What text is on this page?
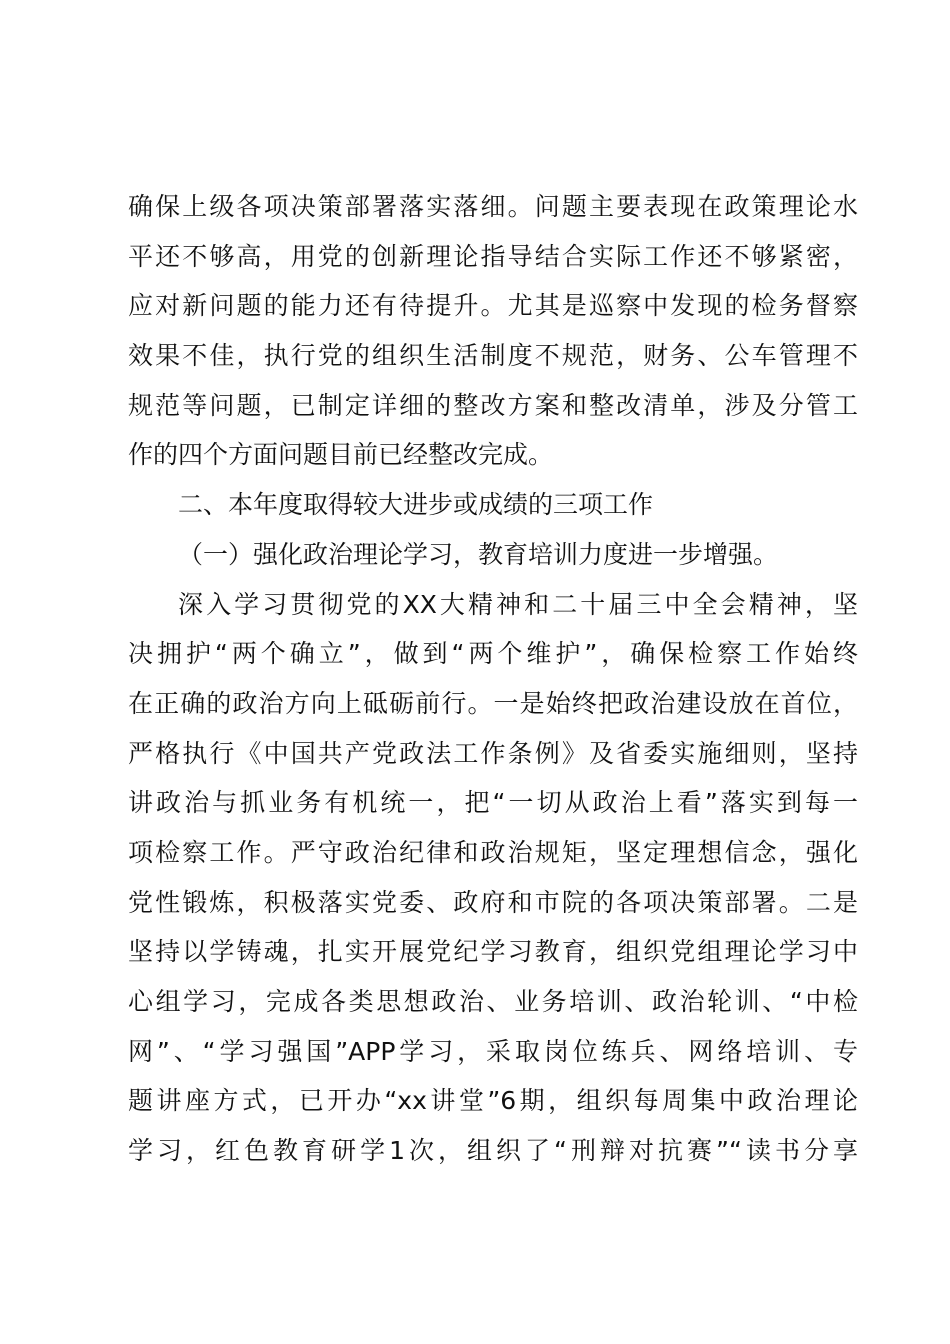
确保上级各项决策部署落实落细。问题主要表现在政策理论水
平还不够高，用党的创新理论指导结合实际工作还不够紧密，
应对新问题的能力还有待提升。尤其是巡察中发现的检务督察
效果不佳，执行党的组织生活制度不规范，财务、公车管理不
规范等问题，已制定详细的整改方案和整改清单，涉及分管工
作的四个方面问题目前已经整改完成。
二、本年度取得较大进步或成绩的三项工作
（一）强化政治理论学习，教育培训力度进一步增强。
深入学习贯彻党的XX大精神和二十届三中全会精神，坚
决拥护“两个确立”，做到“两个维护”，确保检察工作始终
在正确的政治方向上砥砺前行。一是始终把政治建设放在首位，
严格执行《中国共产党政法工作条例》及省委实施细则，坚持
讲政治与抓业务有机统一，把“一切从政治上看”落实到每一
项检察工作。严守政治纪律和政治规矩，坚定理想信念，强化
党性锻炼，积极落实党委、政府和市院的各项决策部署。二是
坚持以学铸魂，扎实开展党纪学习教育，组织党组理论学习中
心组学习，完成各类思想政治、业务培训、政治轮训、“中检
网”、“学习强国”APP学习，采取岗位练兵、网络培训、专
题讲座方式，已开办“xx讲堂”6期，组织每周集中政治理论
学习，红色教育研学1次，组织了“刑辩对抗赛”“读书分享
